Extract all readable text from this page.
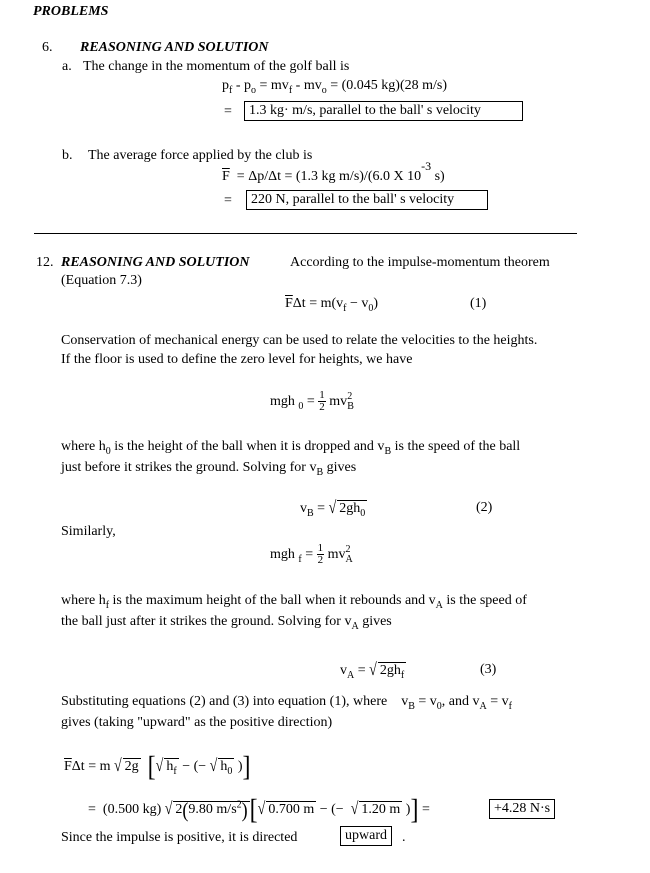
PROBLEMS
6. REASONING AND SOLUTION
a. The change in the momentum of the golf ball is
$p_f - p_o = mv_f - mv_o = (0.045$ kg)(28 m/s)
=	1.3 kg· m/s, parallel to the ball' s velocity
b. The average force applied by the club is
$\overline{F} = \Delta p/\Delta t = (1.3$ kg m/s)/(6.0 X $10^{-3}$ s)
=	220 N, parallel to the ball' s velocity
12. REASONING AND SOLUTION	According to the impulse-momentum theorem
(Equation 7.3)
$\overline{F}\Delta t = m(v_f - v_0)$	(1)
Conservation of mechanical energy can be used to relate the velocities to the heights.
If the floor is used to define the zero level for heights, we have
mgh $_0 = \frac{1}{2}$ mv 2
B
where $h_0$ is the height of the ball when it is dropped and $v_B$ is the speed of the ball
just before it strikes the ground. Solving for $v_B$ gives
$v_B$ = √ $2gh_0$	(2)
Similarly,
mgh $_f = \frac{1}{2}$ mv 2
A
where $h_f$ is the maximum height of the ball when it rebounds and $v_A$ is the speed of
the ball just after it strikes the ground. Solving for $v_A$ gives
$v_A$ = √ $2gh_f$	(3)
Substituting equations (2) and (3) into equation (1), where    $v_B = v_0$, and $v_A = v_f$
gives (taking "upward" as the positive direction)
$\overline{F}\Delta t = m$ √ 2g [√ $h_f$ − (− √ $h_0$ )]
=  (0.500 kg) √ 2(9.80 $m/s^2)[√$ 0.700 m − (−  √ 1.20 m )] =	+4.28 N·s
Since the impulse is positive, it is directed	upward	.
